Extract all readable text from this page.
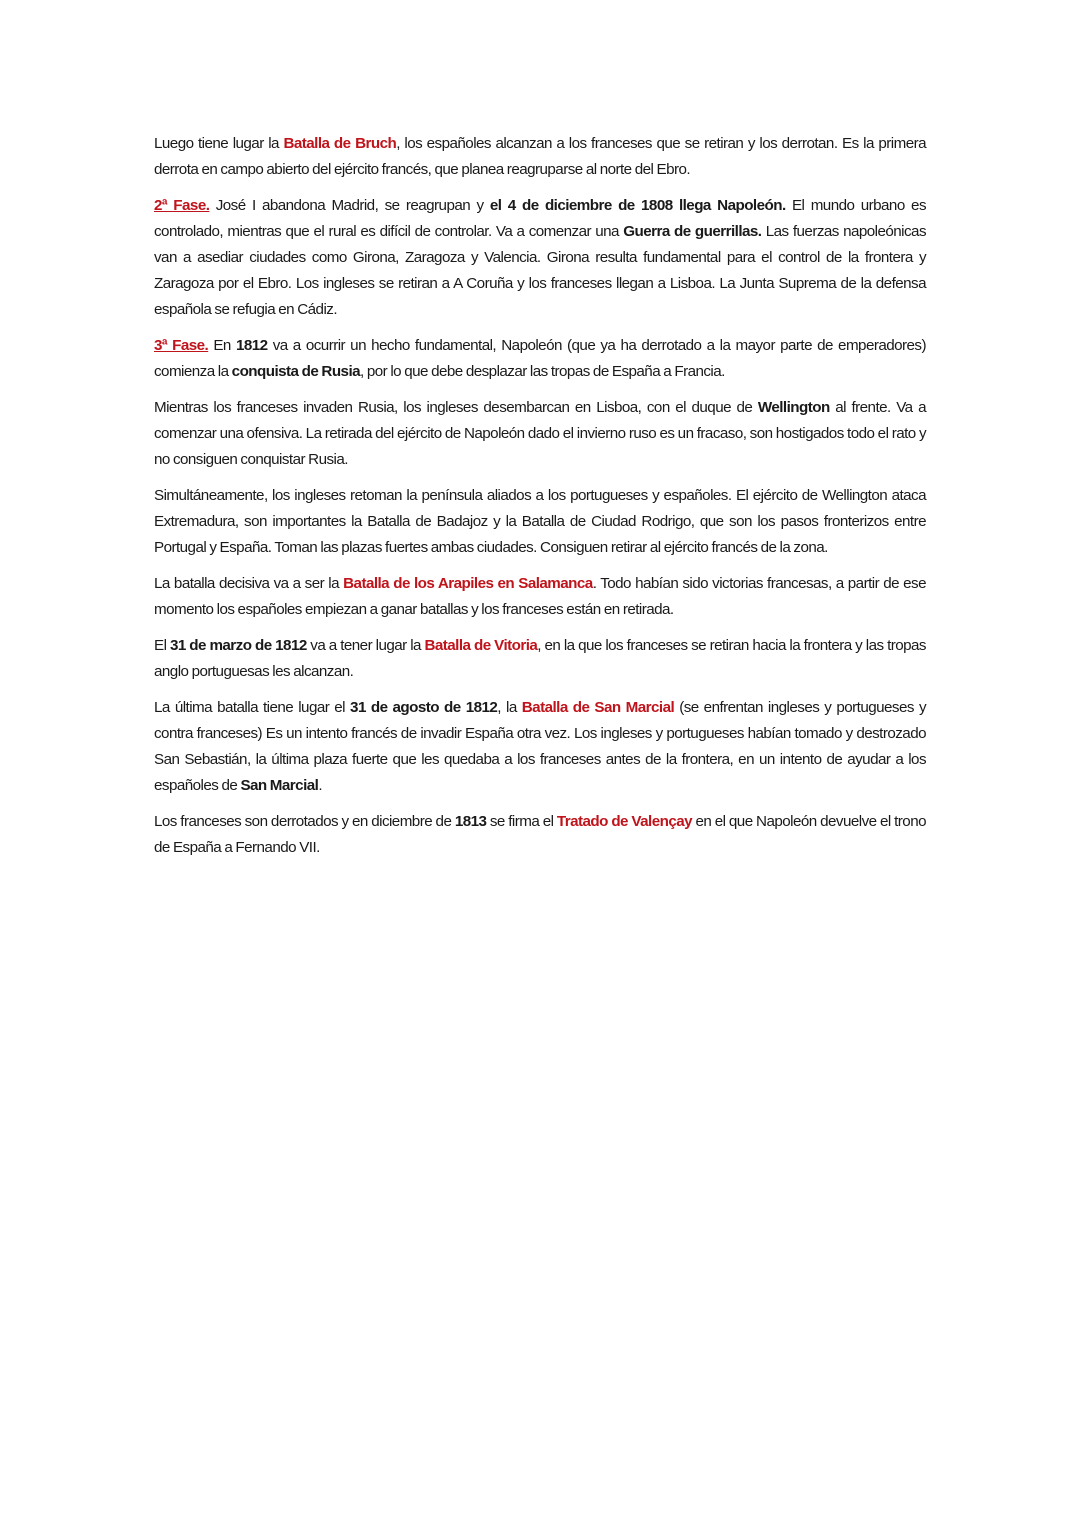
Luego tiene lugar la Batalla de Bruch, los españoles alcanzan a los franceses que se retiran y los derrotan. Es la primera derrota en campo abierto del ejército francés, que planea reagruparse al norte del Ebro.

2ª Fase. José I abandona Madrid, se reagrupan y el 4 de diciembre de 1808 llega Napoleón. El mundo urbano es controlado, mientras que el rural es difícil de controlar. Va a comenzar una Guerra de guerrillas. Las fuerzas napoleónicas van a asediar ciudades como Girona, Zaragoza y Valencia. Girona resulta fundamental para el control de la frontera y Zaragoza por el Ebro. Los ingleses se retiran a A Coruña y los franceses llegan a Lisboa. La Junta Suprema de la defensa española se refugia en Cádiz.

3ª Fase. En 1812 va a ocurrir un hecho fundamental, Napoleón (que ya ha derrotado a la mayor parte de emperadores) comienza la conquista de Rusia, por lo que debe desplazar las tropas de España a Francia.

Mientras los franceses invaden Rusia, los ingleses desembarcan en Lisboa, con el duque de Wellington al frente. Va a comenzar una ofensiva. La retirada del ejército de Napoleón dado el invierno ruso es un fracaso, son hostigados todo el rato y no consiguen conquistar Rusia.

Simultáneamente, los ingleses retoman la península aliados a los portugueses y españoles. El ejército de Wellington ataca Extremadura, son importantes la Batalla de Badajoz y la Batalla de Ciudad Rodrigo, que son los pasos fronterizos entre Portugal y España. Toman las plazas fuertes ambas ciudades. Consiguen retirar al ejército francés de la zona.

La batalla decisiva va a ser la Batalla de los Arapiles en Salamanca. Todo habían sido victorias francesas, a partir de ese momento los españoles empiezan a ganar batallas y los franceses están en retirada.

El 31 de marzo de 1812 va a tener lugar la Batalla de Vitoria, en la que los franceses se retiran hacia la frontera y las tropas anglo portuguesas les alcanzan.

La última batalla tiene lugar el 31 de agosto de 1812, la Batalla de San Marcial (se enfrentan ingleses y portugueses y contra franceses) Es un intento francés de invadir España otra vez. Los ingleses y portugueses habían tomado y destrozado San Sebastián, la última plaza fuerte que les quedaba a los franceses antes de la frontera, en un intento de ayudar a los españoles de San Marcial.

Los franceses son derrotados y en diciembre de 1813 se firma el Tratado de Valençay en el que Napoleón devuelve el trono de España a Fernando VII.
